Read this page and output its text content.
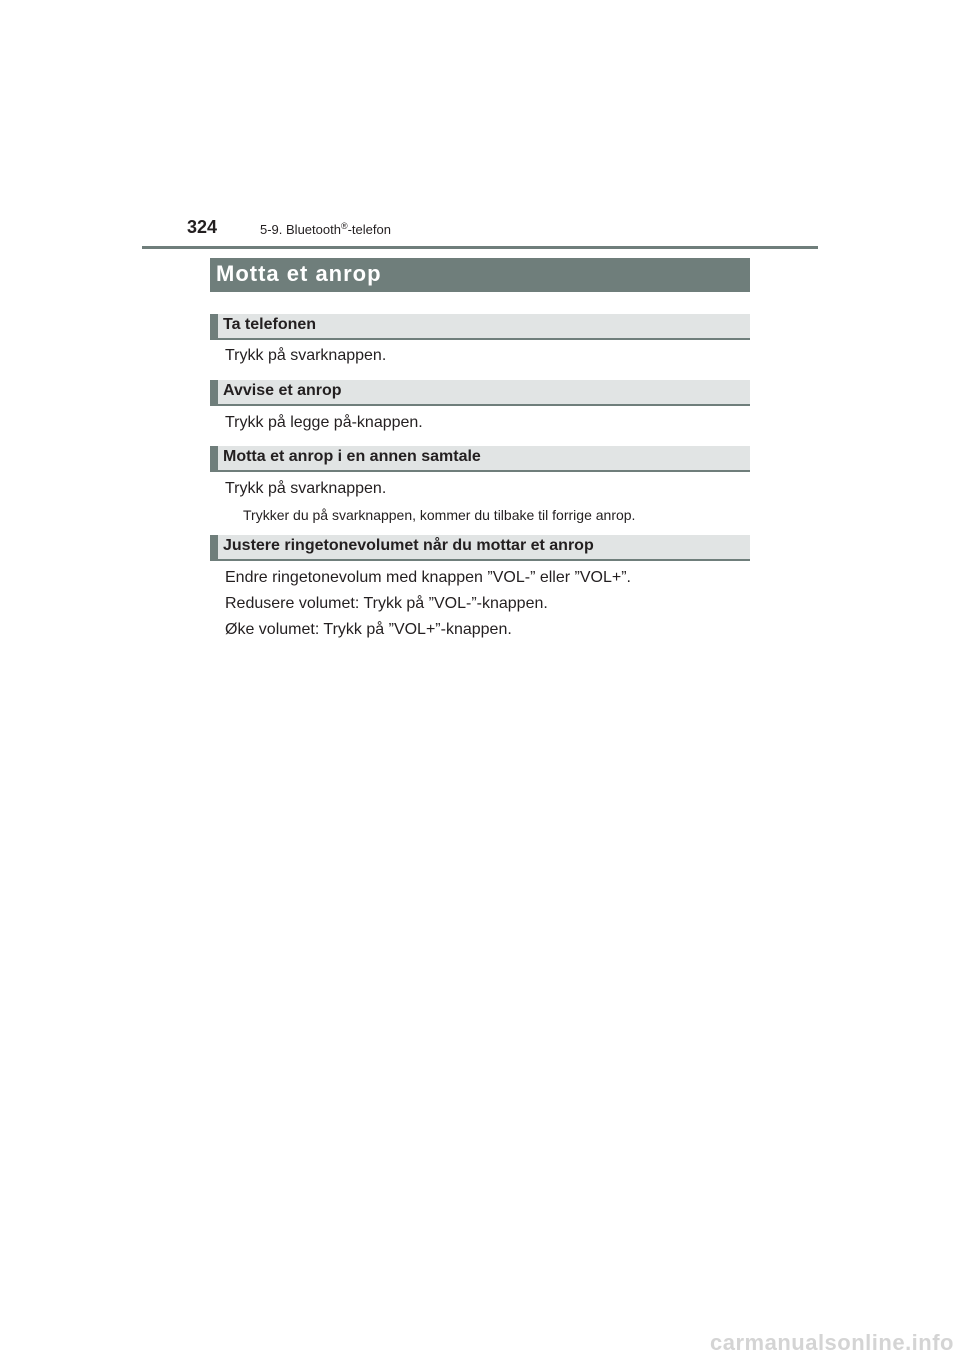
324	5-9. Bluetooth®-telefon
Motta et anrop
Ta telefonen
Trykk på svarknappen.
Avvise et anrop
Trykk på legge på-knappen.
Motta et anrop i en annen samtale
Trykk på svarknappen.
Trykker du på svarknappen, kommer du tilbake til forrige anrop.
Justere ringetonevolumet når du mottar et anrop
Endre ringetonevolum med knappen ”VOL-” eller ”VOL+”.
Redusere volumet: Trykk på ”VOL-”-knappen.
Øke volumet: Trykk på ”VOL+”-knappen.
carmanualsonline.info
